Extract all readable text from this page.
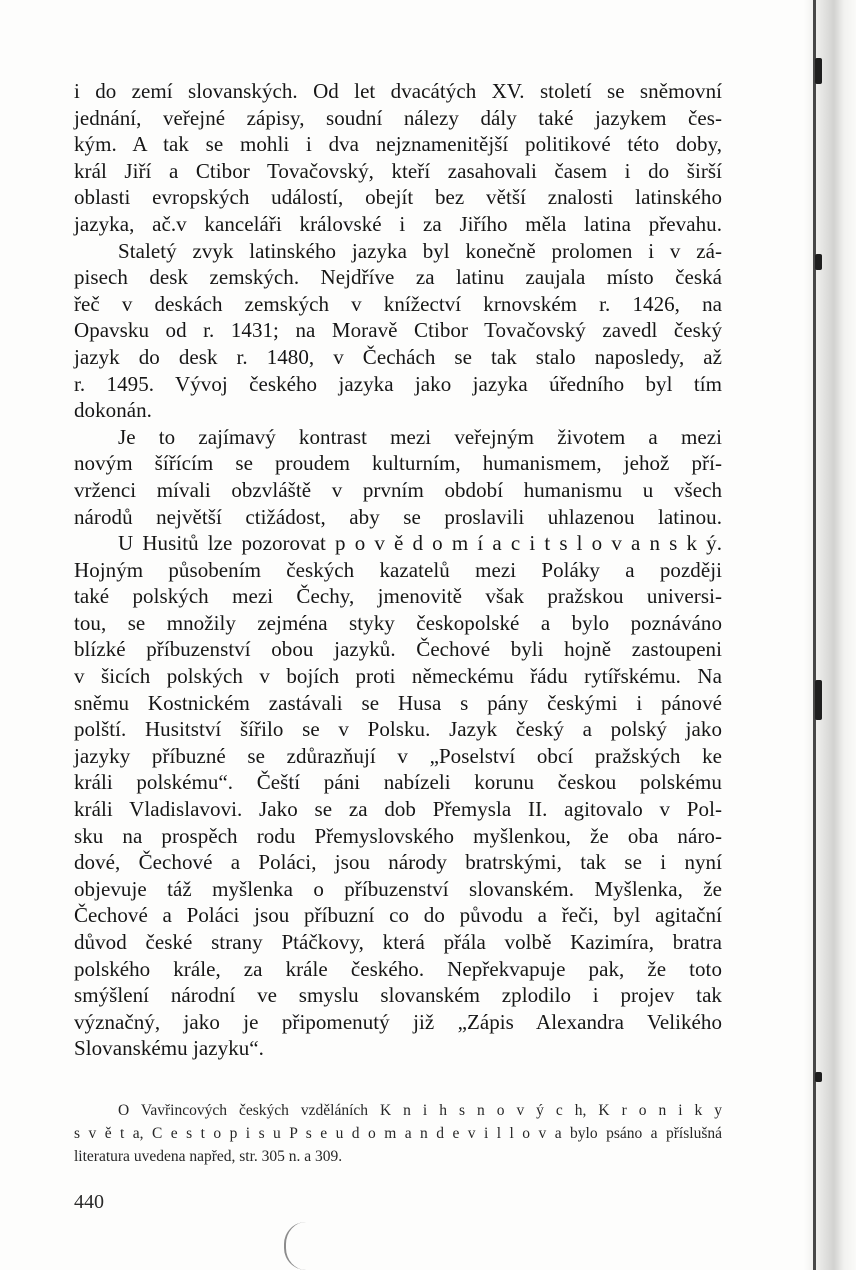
i do zemí slovanských. Od let dvacátých XV. století se sněmovní
jednání, veřejné zápisy, soudní nálezy dály také jazykem čes-
kým. A tak se mohli i dva nejznamenitější politikové této doby,
král Jiří a Ctibor Tovačovský, kteří zasahovali časem i do širší
oblasti evropských událostí, obejít bez větší znalosti latinského
jazyka, ač.v kanceláři královské i za Jiřího měla latina převahu.
Staletý zvyk latinského jazyka byl konečně prolomen i v zá-
pisech desk zemských. Nejdříve za latinu zaujala místo česká
řeč v deskách zemských v knížectví krnovském r. 1426, na
Opavsku od r. 1431; na Moravě Ctibor Tovačovský zavedl český
jazyk do desk r. 1480, v Čechách se tak stalo naposledy, až
r. 1495. Vývoj českého jazyka jako jazyka úředního byl tím
dokonán.
Je to zajímavý kontrast mezi veřejným životem a mezi
novým šířícím se proudem kulturním, humanismem, jehož pří-
vrženci mívali obzvláště v prvním období humanismu u všech
národů největší ctižádost, aby se proslavili uhlazenou latinou.
U Husitů lze pozorovat p o v ě d o m í a c i t s l o v a n s k ý.
Hojným působením českých kazatelů mezi Poláky a později
také polských mezi Čechy, jmenovitě však pražskou universi-
tou, se množily zejména styky českopolské a bylo poznáváno
blízké příbuzenství obou jazyků. Čechové byli hojně zastoupeni
v šicích polských v bojích proti německému řádu rytířskému. Na
sněmu Kostnickém zastávali se Husa s pány českými i pánové
polští. Husitství šířilo se v Polsku. Jazyk český a polský jako
jazyky příbuzné se zdůrazňují v „Poselství obcí pražských ke
králi polskému“. Čeští páni nabízeli korunu českou polskému
králi Vladislavovi. Jako se za dob Přemysla II. agitovalo v Pol-
sku na prospěch rodu Přemyslovského myšlenkou, že oba náro-
dové, Čechové a Poláci, jsou národy bratrskými, tak se i nyní
objevuje táž myšlenka o příbuzenství slovanském. Myšlenka, že
Čechové a Poláci jsou příbuzní co do původu a řeči, byl agitační
důvod české strany Ptáčkovy, která přála volbě Kazimíra, bratra
polského krále, za krále českého. Nepřekvapuje pak, že toto
smýšlení národní ve smyslu slovanském zplodilo i projev tak
význačný, jako je připomenutý již „Zápis Alexandra Velikého
Slovanskému jazyku“.
O Vavřincových českých vzděláních K n i h s n o v ý c h, K r o n i k y
s v ě t a, C e s t o p i s u P s e u d o m a n d e v i l l o v a bylo psáno a příslušná
literatura uvedena napřed, str. 305 n. a 309.
440
